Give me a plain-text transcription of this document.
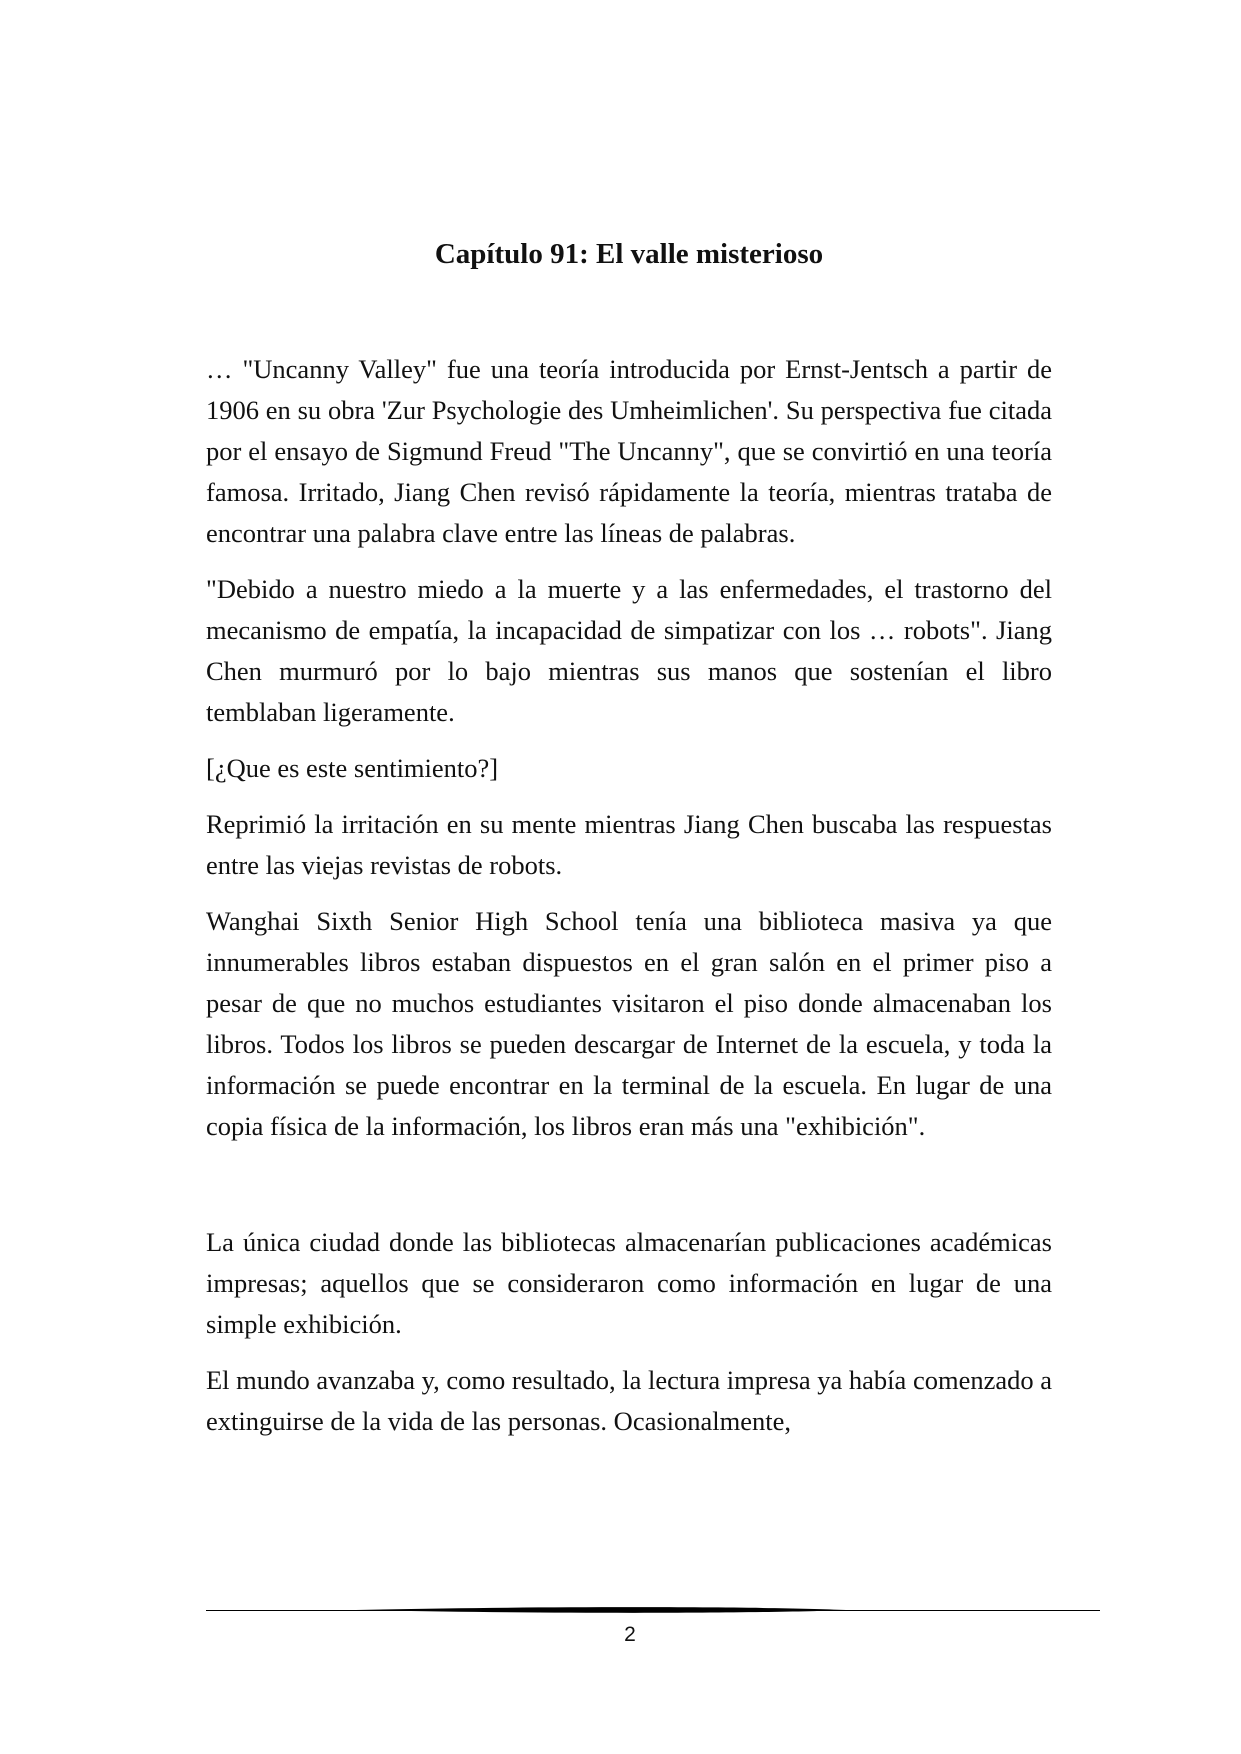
Capítulo 91: El valle misterioso

… "Uncanny Valley" fue una teoría introducida por Ernst-Jentsch a partir de 1906 en su obra 'Zur Psychologie des Umheimlichen'. Su perspectiva fue citada por el ensayo de Sigmund Freud "The Uncanny", que se convirtió en una teoría famosa. Irritado, Jiang Chen revisó rápidamente la teoría, mientras trataba de encontrar una palabra clave entre las líneas de palabras.

"Debido a nuestro miedo a la muerte y a las enfermedades, el trastorno del mecanismo de empatía, la incapacidad de simpatizar con los … robots". Jiang Chen murmuró por lo bajo mientras sus manos que sostenían el libro temblaban ligeramente.

[¿Que es este sentimiento?]

Reprimió la irritación en su mente mientras Jiang Chen buscaba las respuestas entre las viejas revistas de robots.

Wanghai Sixth Senior High School tenía una biblioteca masiva ya que innumerables libros estaban dispuestos en el gran salón en el primer piso a pesar de que no muchos estudiantes visitaron el piso donde almacenaban los libros. Todos los libros se pueden descargar de Internet de la escuela, y toda la información se puede encontrar en la terminal de la escuela. En lugar de una copia física de la información, los libros eran más una "exhibición".

La única ciudad donde las bibliotecas almacenarían publicaciones académicas impresas; aquellos que se consideraron como información en lugar de una simple exhibición.

El mundo avanzaba y, como resultado, la lectura impresa ya había comenzado a extinguirse de la vida de las personas. Ocasionalmente,

2
